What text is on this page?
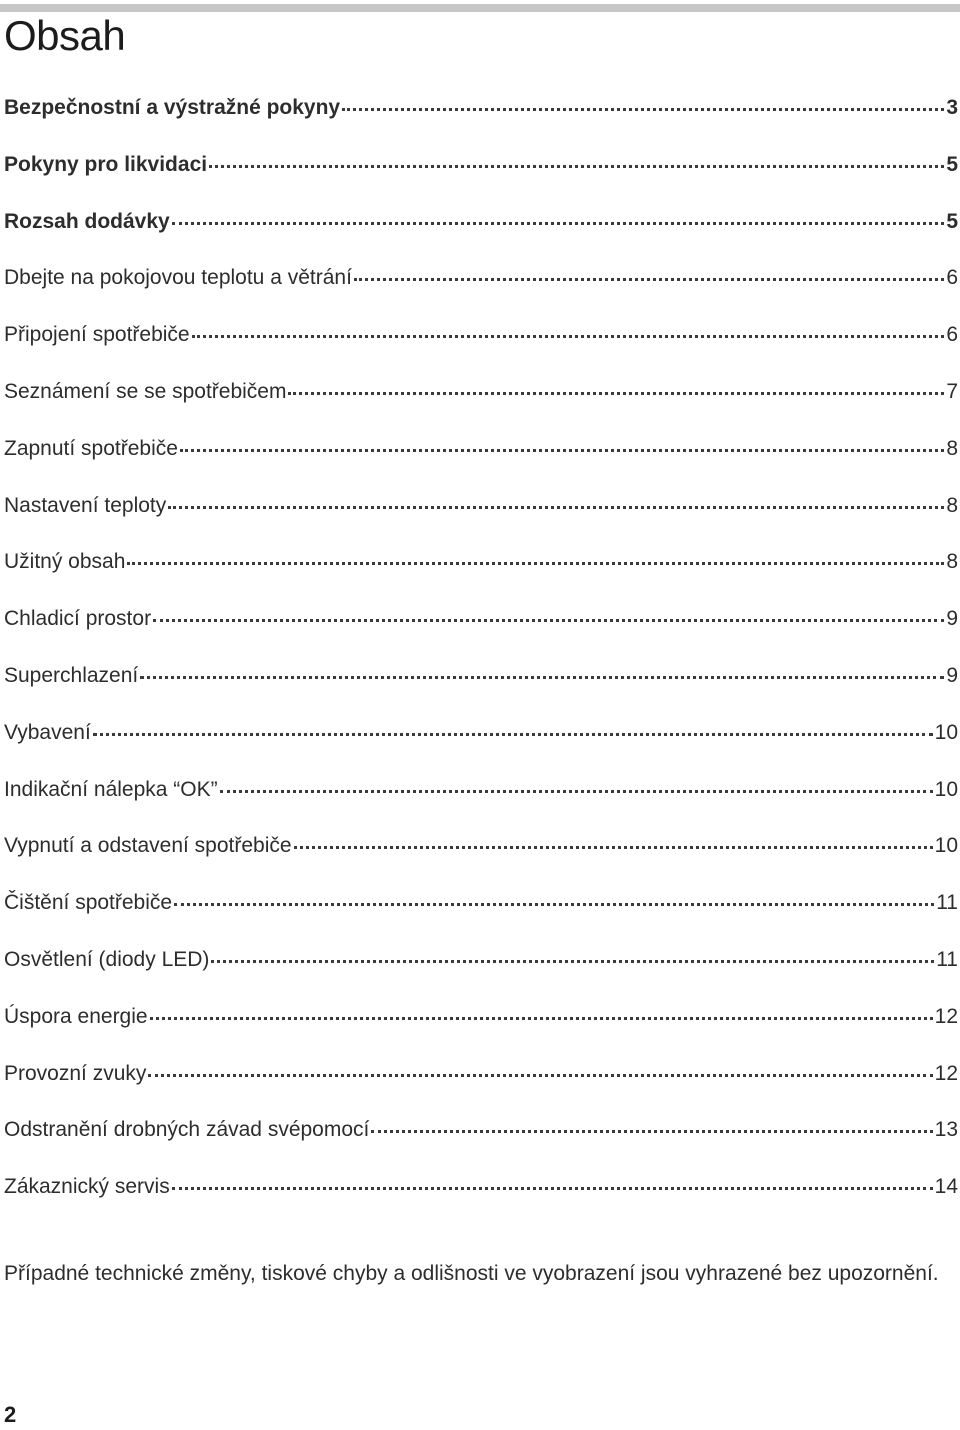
Obsah
Bezpečnostní a výstražné pokyny	3
Pokyny pro likvidaci	5
Rozsah dodávky	5
Dbejte na pokojovou teplotu a větrání	6
Připojení spotřebiče	6
Seznámení se se spotřebičem	7
Zapnutí spotřebiče	8
Nastavení teploty	8
Užitný obsah	8
Chladicí prostor	9
Superchlazení	9
Vybavení	10
Indikační nálepka “OK”	10
Vypnutí a odstavení spotřebiče	10
Čištění spotřebiče	11
Osvětlení (diody LED)	11
Úspora energie	12
Provozní zvuky	12
Odstranění drobných závad svépomocí	13
Zákaznický servis	14

Případné technické změny, tiskové chyby a odlišnosti ve vyobrazení jsou vyhrazené bez upozornění.

2
